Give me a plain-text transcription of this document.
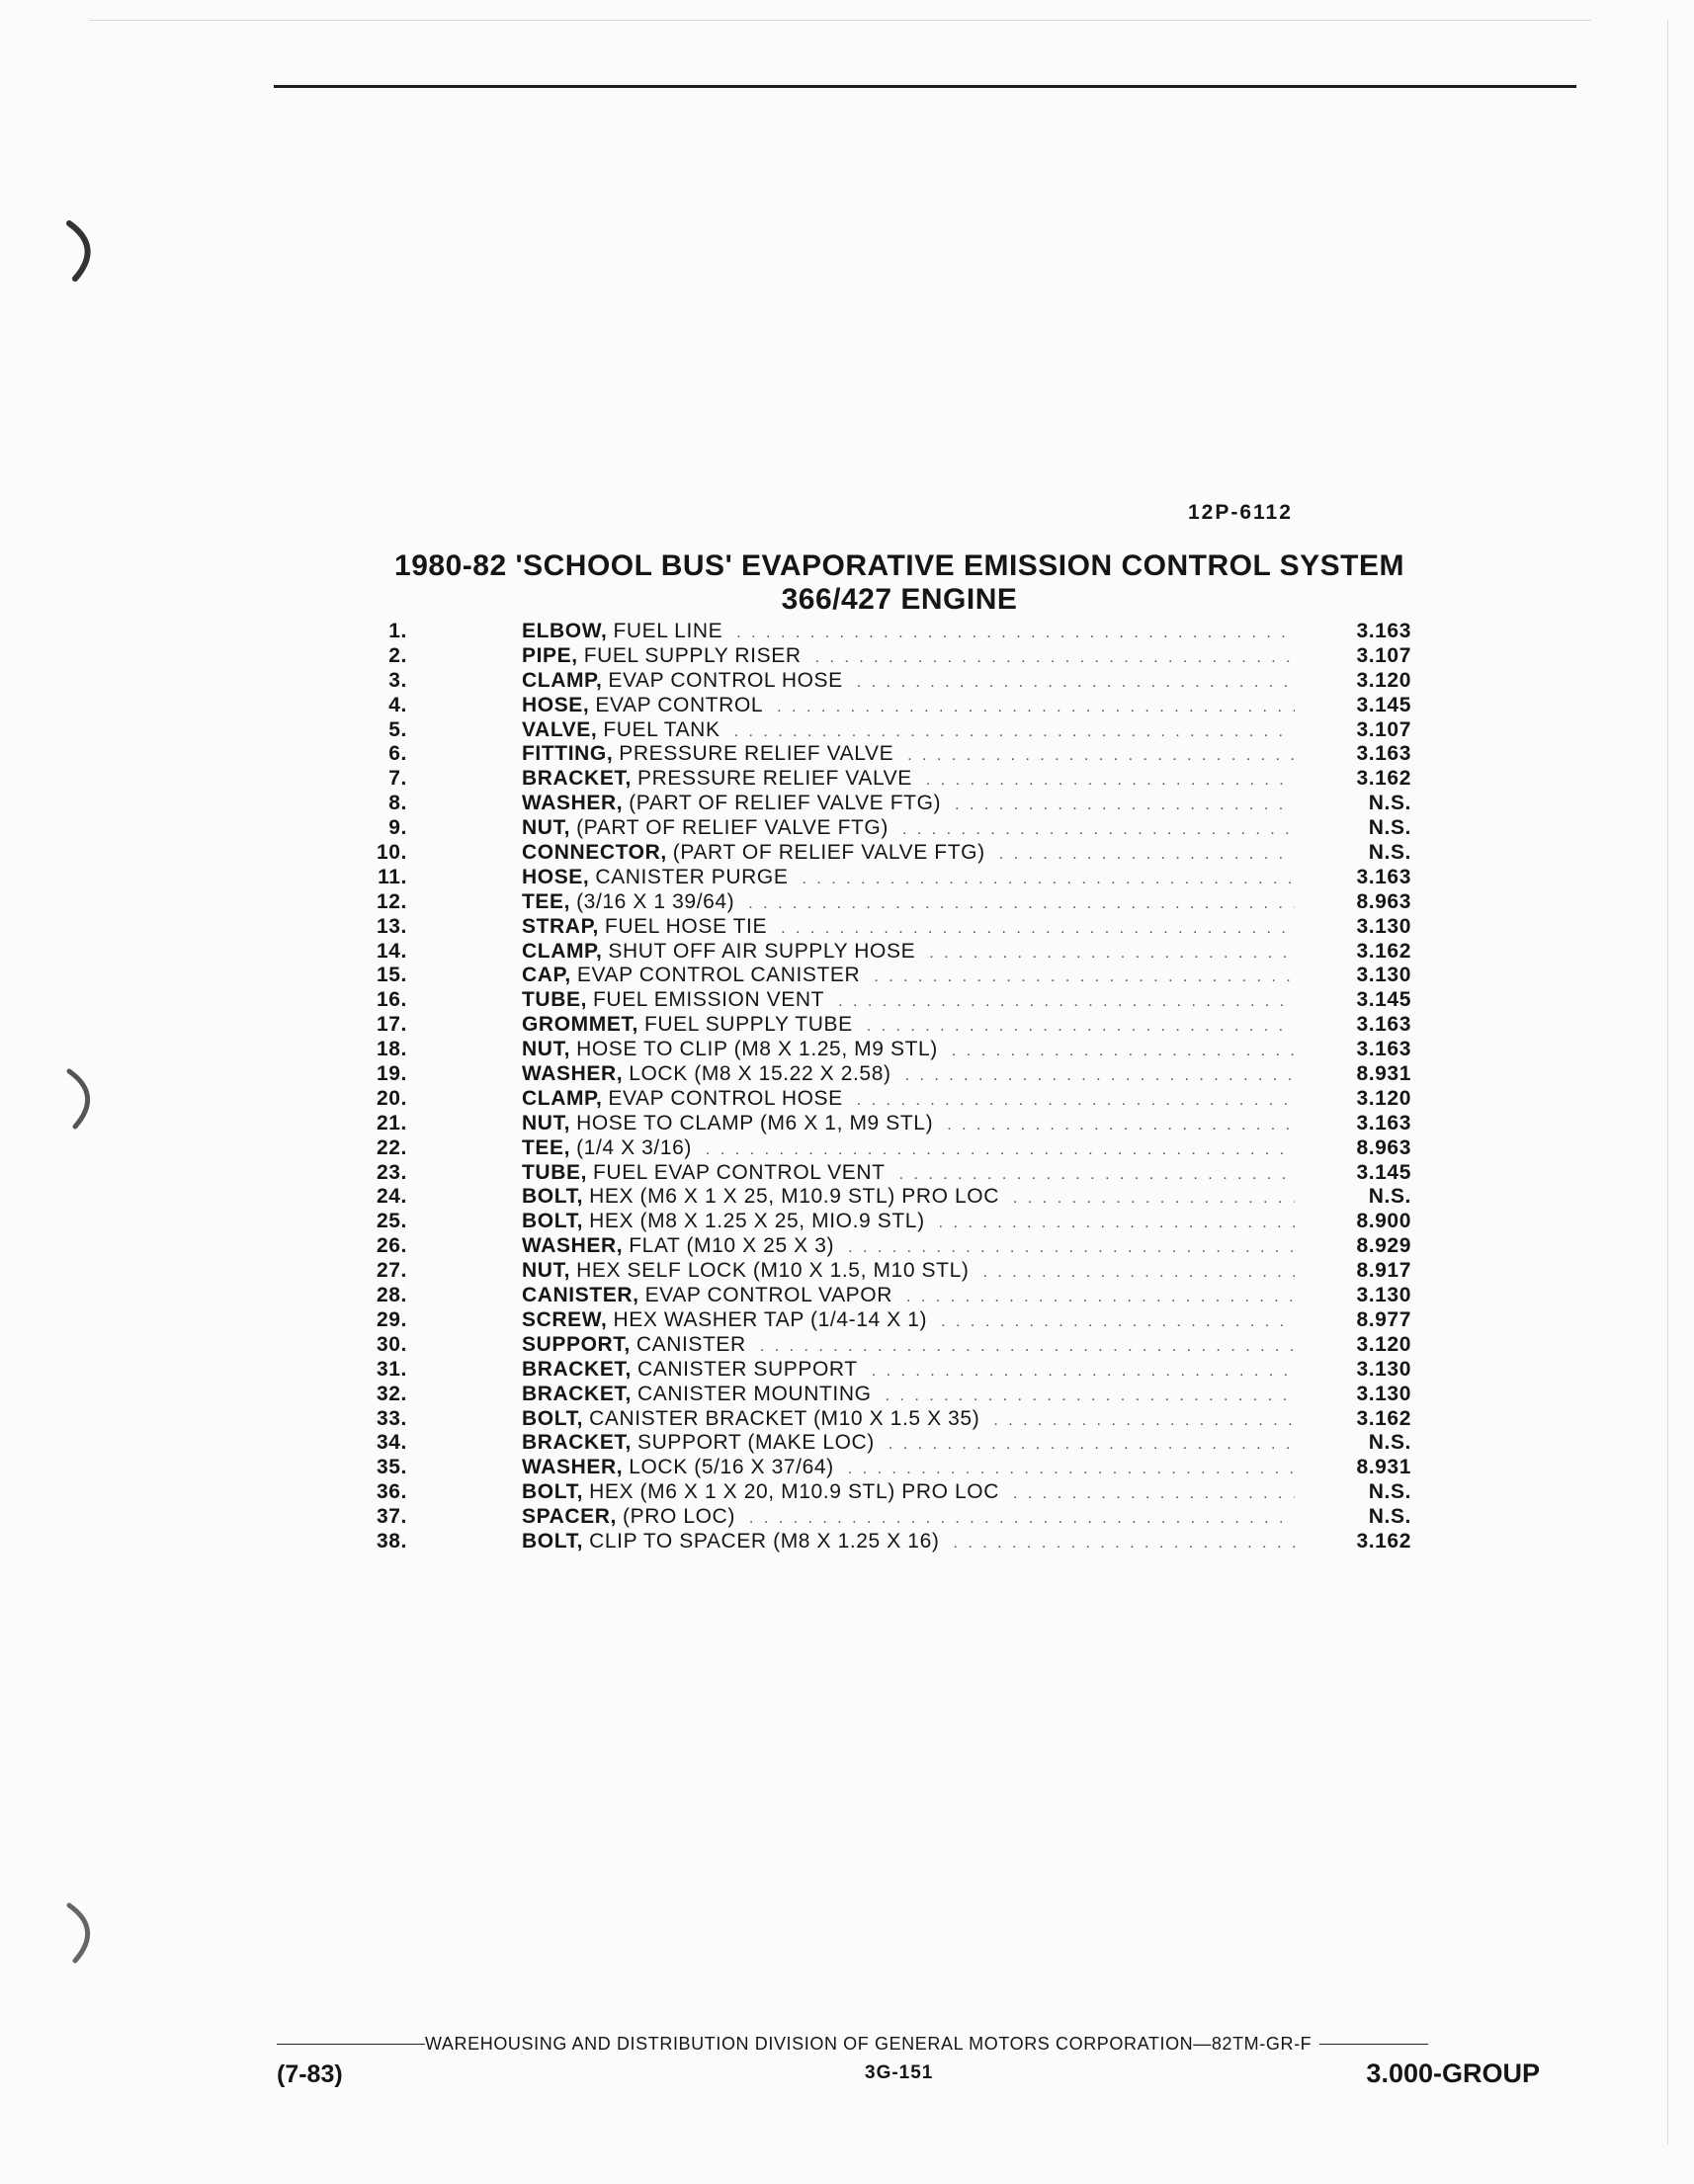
12P-6112
1980-82 'SCHOOL BUS' EVAPORATIVE EMISSION CONTROL SYSTEM
366/427 ENGINE
1.	ELBOW, FUEL LINE . . .	3.163
2.	PIPE, FUEL SUPPLY RISER . . .	3.107
3.	CLAMP, EVAP CONTROL HOSE . . .	3.120
4.	HOSE, EVAP CONTROL . . .	3.145
5.	VALVE, FUEL TANK . . .	3.107
6.	FITTING, PRESSURE RELIEF VALVE . . .	3.163
7.	BRACKET, PRESSURE RELIEF VALVE . . .	3.162
8.	WASHER, (PART OF RELIEF VALVE FTG) . . .	N.S.
9.	NUT, (PART OF RELIEF VALVE FTG) . . .	N.S.
10.	CONNECTOR, (PART OF RELIEF VALVE FTG) . . .	N.S.
11.	HOSE, CANISTER PURGE . . .	3.163
12.	TEE, (3/16 X 1 39/64) . . .	8.963
13.	STRAP, FUEL HOSE TIE . . .	3.130
14.	CLAMP, SHUT OFF AIR SUPPLY HOSE . . .	3.162
15.	CAP, EVAP CONTROL CANISTER . . .	3.130
16.	TUBE, FUEL EMISSION VENT . . .	3.145
17.	GROMMET, FUEL SUPPLY TUBE . . .	3.163
18.	NUT, HOSE TO CLIP (M8 X 1.25, M9 STL) . . .	3.163
19.	WASHER, LOCK (M8 X 15.22 X 2.58) . . .	8.931
20.	CLAMP, EVAP CONTROL HOSE . . .	3.120
21.	NUT, HOSE TO CLAMP (M6 X 1, M9 STL) . . .	3.163
22.	TEE, (1/4 X 3/16) . . .	8.963
23.	TUBE, FUEL EVAP CONTROL VENT . . .	3.145
24.	BOLT, HEX (M6 X 1 X 25, M10.9 STL) PRO LOC . . .	N.S.
25.	BOLT, HEX (M8 X 1.25 X 25, MIO.9 STL) . . .	8.900
26.	WASHER, FLAT (M10 X 25 X 3) . . .	8.929
27.	NUT, HEX SELF LOCK (M10 X 1.5, M10 STL) . . .	8.917
28.	CANISTER, EVAP CONTROL VAPOR . . .	3.130
29.	SCREW, HEX WASHER TAP (1/4-14 X 1) . . .	8.977
30.	SUPPORT, CANISTER . . .	3.120
31.	BRACKET, CANISTER SUPPORT . . .	3.130
32.	BRACKET, CANISTER MOUNTING . . .	3.130
33.	BOLT, CANISTER BRACKET (M10 X 1.5 X 35) . . .	3.162
34.	BRACKET, SUPPORT (MAKE LOC) . . .	N.S.
35.	WASHER, LOCK (5/16 X 37/64) . . .	8.931
36.	BOLT, HEX (M6 X 1 X 20, M10.9 STL) PRO LOC . . .	N.S.
37.	SPACER, (PRO LOC) . . .	N.S.
38.	BOLT, CLIP TO SPACER (M8 X 1.25 X 16) . . .	3.162
WAREHOUSING AND DISTRIBUTION DIVISION OF GENERAL MOTORS CORPORATION—82TM-GR-F
(7-83)	3G-151	3.000-GROUP
